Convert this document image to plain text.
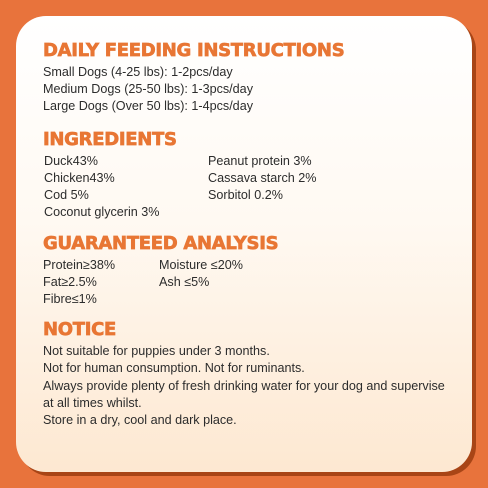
DAILY FEEDING INSTRUCTIONS

Small Dogs (4-25 lbs): 1-2pcs/day

Medium Dogs (25-50 lbs): 1-3pcs/day

Large Dogs (Over 50 lbs): 1-4pcs/day

INGREDIENTS

Duck43%

Chicken43%

Cod 5%

Coconut glycerin 3%

Peanut protein 3%

Cassava starch 2%

Sorbitol 0.2%

GUARANTEED ANALYSIS

Protein≥38%

Fat≥2.5%

Fibre≤1%

Moisture ≤20%

Ash ≤5%

NOTICE

Not suitable for puppies under 3 months.

Not for human consumption. Not for ruminants.

Always provide plenty of fresh drinking water for your dog and supervise

at all times whilst.

Store in a dry, cool and dark place.
